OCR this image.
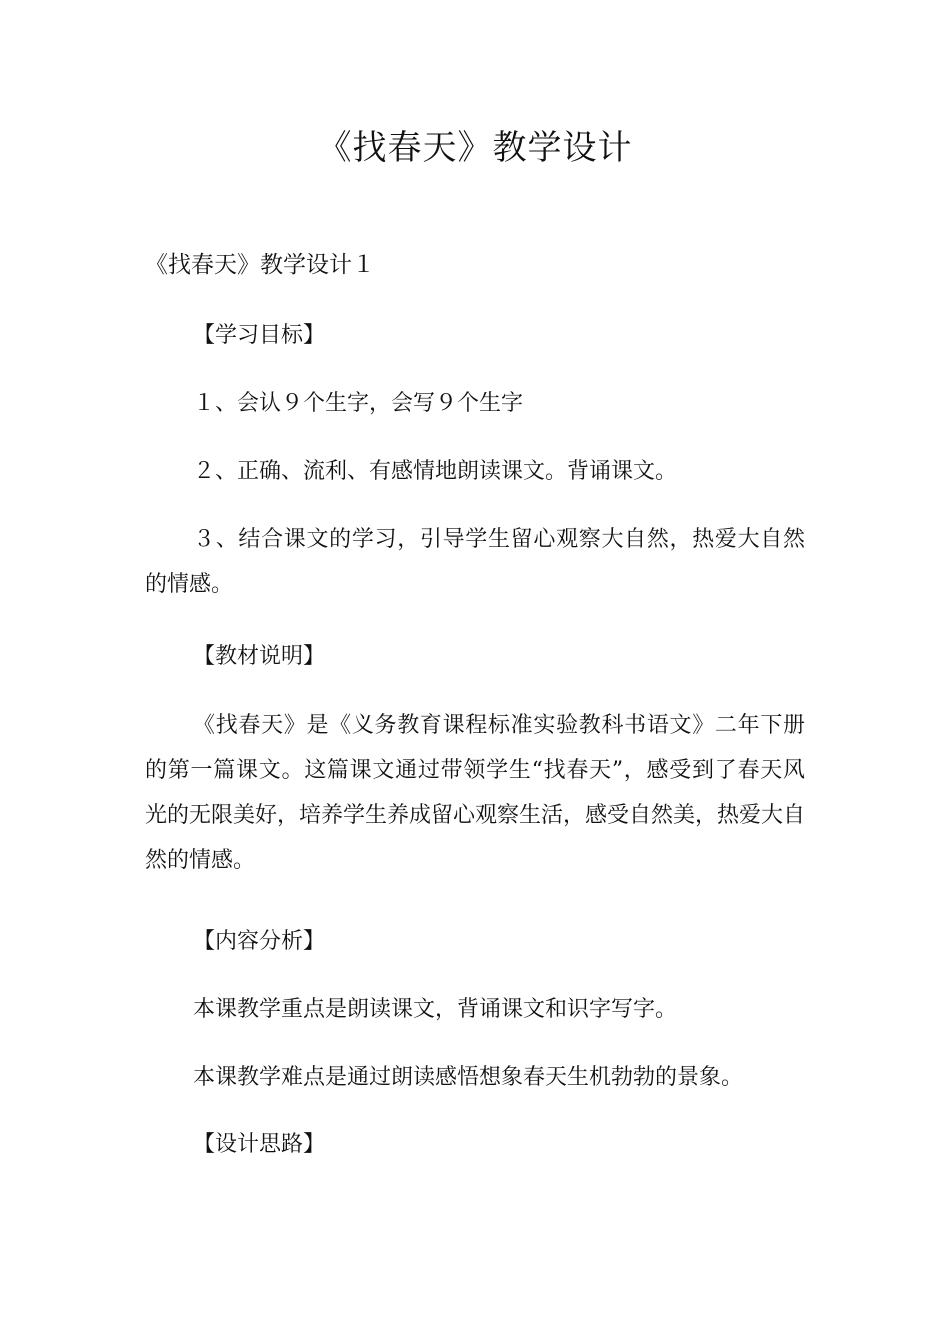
《找春天》教学设计
《找春天》教学设计１

【学习目标】

１、会认９个生字，会写９个生字

２、正确、流利、有感情地朗读课文。背诵课文。

３、结合课文的学习，引导学生留心观察大自然，热爱大自然的情感。

【教材说明】

《找春天》是《义务教育课程标准实验教科书语文》二年下册的第一篇课文。这篇课文通过带领学生“找春天”，感受到了春天风光的无限美好，培养学生养成留心观察生活，感受自然美，热爱大自然的情感。

【内容分析】

本课教学重点是朗读课文，背诵课文和识字写字。

本课教学难点是通过朗读感悟想象春天生机勃勃的景象。

【设计思路】
